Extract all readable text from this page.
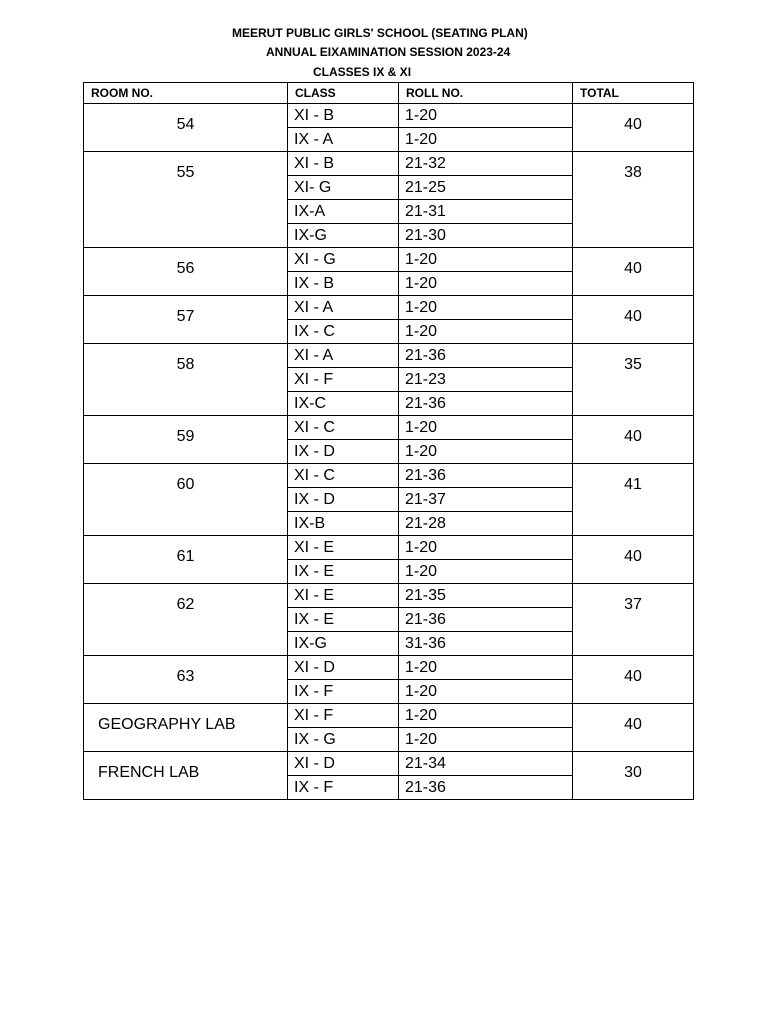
MEERUT PUBLIC GIRLS' SCHOOL (SEATING PLAN)
ANNUAL EIXAMINATION SESSION 2023-24
CLASSES IX & XI
ROOM NO.	CLASS	ROLL NO.	TOTAL
54	XI - B	1-20	40
	IX - A	1-20	
55	XI - B	21-32	38
	XI- G	21-25	
	IX-A	21-31	
	IX-G	21-30	
56	XI - G	1-20	40
	IX - B	1-20	
57	XI - A	1-20	40
	IX - C	1-20	
58	XI - A	21-36	35
	XI - F	21-23	
	IX-C	21-36	
59	XI - C	1-20	40
	IX - D	1-20	
60	XI - C	21-36	41
	IX - D	21-37	
	IX-B	21-28	
61	XI - E	1-20	40
	IX - E	1-20	
62	XI - E	21-35	37
	IX - E	21-36	
	IX-G	31-36	
63	XI - D	1-20	40
	IX - F	1-20	
GEOGRAPHY LAB	XI - F	1-20	40
	IX - G	1-20	
FRENCH LAB	XI - D	21-34	30
	IX - F	21-36	
